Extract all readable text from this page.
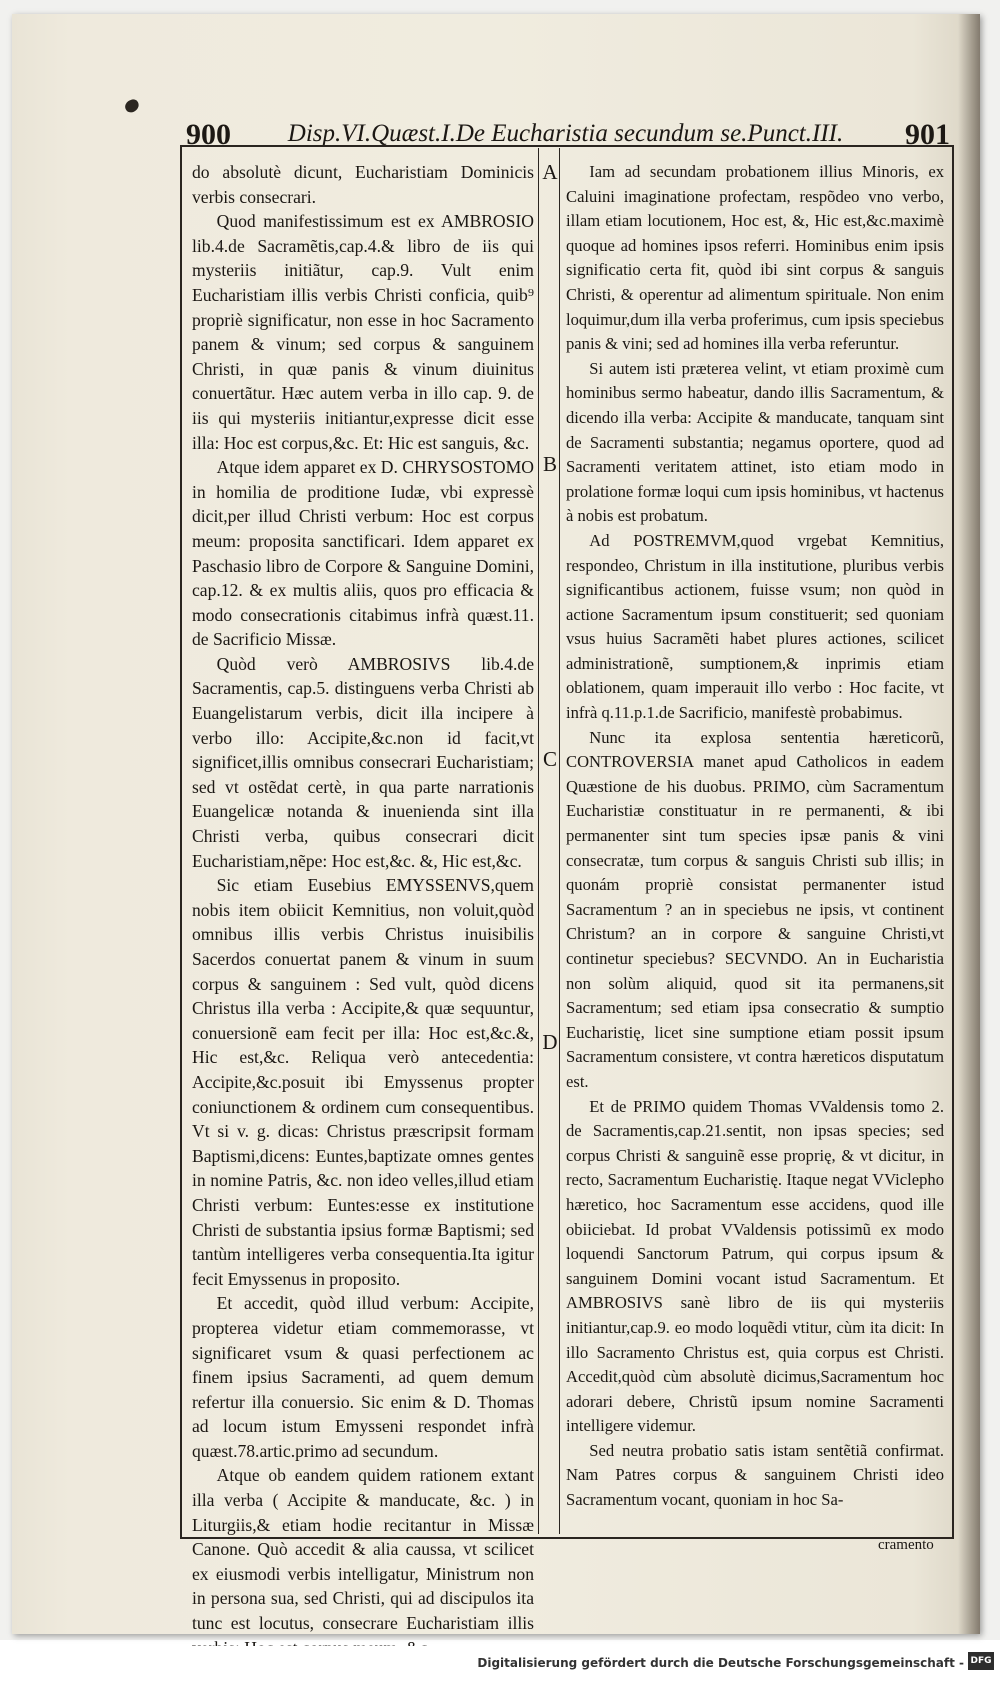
900	Disp.VI.Quæst.I.De Eucharistia secundum se.Punct.III.	901
A
B
C
D

do absolutè dicunt, Eucharistiam Dominicis verbis consecrari.

Quod manifestissimum est ex AMBROSIO lib.4.de Sacramẽtis,cap.4.& libro de iis qui mysteriis initiãtur, cap.9. Vult enim Eucharistiam illis verbis Christi conficia, quib⁹ propriè significatur, non esse in hoc Sacramento panem & vinum; sed corpus & sanguinem Christi, in quæ panis & vinum diuinitus conuertãtur. Hæc autem verba in illo cap. 9. de iis qui mysteriis initiantur,expresse dicit esse illa: Hoc est corpus,&c. Et: Hic est sanguis, &c.

Atque idem apparet ex D. CHRYSOSTOMO in homilia de proditione Iudæ, vbi expressè dicit,per illud Christi verbum: Hoc est corpus meum: proposita sanctificari. Idem apparet ex Paschasio libro de Corpore & Sanguine Domini, cap.12. & ex multis aliis, quos pro efficacia & modo consecrationis citabimus infrà quæst.11. de Sacrificio Missæ.

Quòd verò AMBROSIVS lib.4.de Sacramentis, cap.5. distinguens verba Christi ab Euangelistarum verbis, dicit illa incipere à verbo illo: Accipite,&c.non id facit,vt significet,illis omnibus consecrari Eucharistiam; sed vt ostẽdat certè, in qua parte narrationis Euangelicæ notanda & inuenienda sint illa Christi verba, quibus consecrari dicit Eucharistiam,nẽpe: Hoc est,&c. &, Hic est,&c.

Sic etiam Eusebius EMYSSENVS,quem nobis item obiicit Kemnitius, non voluit,quòd omnibus illis verbis Christus inuisibilis Sacerdos conuertat panem & vinum in suum corpus & sanguinem : Sed vult, quòd dicens Christus illa verba : Accipite,& quæ sequuntur, conuersionẽ eam fecit per illa: Hoc est,&c.&, Hic est,&c. Reliqua verò antecedentia: Accipite,&c.posuit ibi Emyssenus propter coniunctionem & ordinem cum consequentibus. Vt si v. g. dicas: Christus præscripsit formam Baptismi,dicens: Euntes,baptizate omnes gentes in nomine Patris, &c. non ideo velles,illud etiam Christi verbum: Euntes:esse ex institutione Christi de substantia ipsius formæ Baptismi; sed tantùm intelligeres verba consequentia.Ita igitur fecit Emyssenus in proposito.

Et accedit, quòd illud verbum: Accipite, propterea videtur etiam commemorasse, vt significaret vsum & quasi perfectionem ac finem ipsius Sacramenti, ad quem demum refertur illa conuersio. Sic enim & D. Thomas ad locum istum Emysseni respondet infrà quæst.78.artic.primo ad secundum.

Atque ob eandem quidem rationem extant illa verba ( Accipite & manducate, &c. ) in Liturgiis,& etiam hodie recitantur in Missæ Canone. Quò accedit & alia caussa, vt scilicet ex eiusmodi verbis intelligatur, Ministrum non in persona sua, sed Christi, qui ad discipulos ita tunc est locutus, consecrare Eucharistiam illis

Iam ad secundam probationem illius Minoris, ex Caluini imaginatione profectam, respõdeo vno verbo, illam etiam locutionem, Hoc est, &, Hic est,&c.maximè quoque ad homines ipsos referri. Hominibus enim ipsis significatio certa fit, quòd ibi sint corpus & sanguis Christi, & operentur ad alimentum spirituale. Non enim loquimur,dum illa verba proferimus, cum ipsis speciebus panis & vini; sed ad homines illa verba referuntur.

Si autem isti præterea velint, vt etiam proximè cum hominibus sermo habeatur, dando illis Sacramentum, & dicendo illa verba: Accipite & manducate, tanquam sint de Sacramenti substantia; negamus oportere, quod ad Sacramenti veritatem attinet, isto etiam modo in prolatione formæ loqui cum ipsis hominibus, vt hactenus à nobis est probatum.

Ad POSTREMVM,quod vrgebat Kemnitius, respondeo, Christum in illa institutione, pluribus verbis significantibus actionem, fuisse vsum; non quòd in actione Sacramentum ipsum constituerit; sed quoniam vsus huius Sacramẽti habet plures actiones, scilicet administrationẽ, sumptionem,& inprimis etiam oblationem, quam imperauit illo verbo : Hoc facite, vt infrà q.11.p.1.de Sacrificio, manifestè probabimus.

Nunc ita explosa sententia hæreticorũ, CONTROVERSIA manet apud Catholicos in eadem Quæstione de his duobus. PRIMO, cùm Sacramentum Eucharistiæ constituatur in re permanenti, & ibi permanenter sint tum species ipsæ panis & vini consecratæ, tum corpus & sanguis Christi sub illis; in quonám propriè consistat permanenter istud Sacramentum ? an in speciebus ne ipsis, vt continent Christum? an in corpore & sanguine Christi,vt continetur speciebus? SECVNDO. An in Eucharistia non solùm aliquid, quod sit ita permanens,sit Sacramentum; sed etiam ipsa consecratio & sumptio Eucharistię, licet sine sumptione etiam possit ipsum Sacramentum consistere, vt contra hæreticos disputatum est.

Et de PRIMO quidem Thomas VValdensis tomo 2. de Sacramentis,cap.21.sentit, non ipsas species; sed corpus Christi & sanguinẽ esse proprię, & vt dicitur, in recto, Sacramentum Eucharistię. Itaque negat VViclepho hæretico, hoc Sacramentum esse accidens, quod ille obiiciebat. Id probat VValdensis potissimũ ex modo loquendi Sanctorum Patrum, qui corpus ipsum & sanguinem Domini vocant istud Sacramentum. Et AMBROSIVS sanè libro de iis qui mysteriis initiantur,cap.9. eo modo loquẽdi vtitur, cùm ita dicit: In illo Sacramento Christus est, quia corpus est Christi. Accedit,quòd cùm absolutè dicimus,Sacramentum hoc adorari debere, Christũ ipsum nomine Sacramenti intelligere videmur.

Sed neutra probatio satis istam sentẽtiã confirmat. Nam Patres corpus & sanguinem Christi ideo Sacramentum vocant, quoniam in hoc Sa-

cramento
Digitalisierung gefördert durch die Deutsche Forschungsgemeinschaft - DFG
